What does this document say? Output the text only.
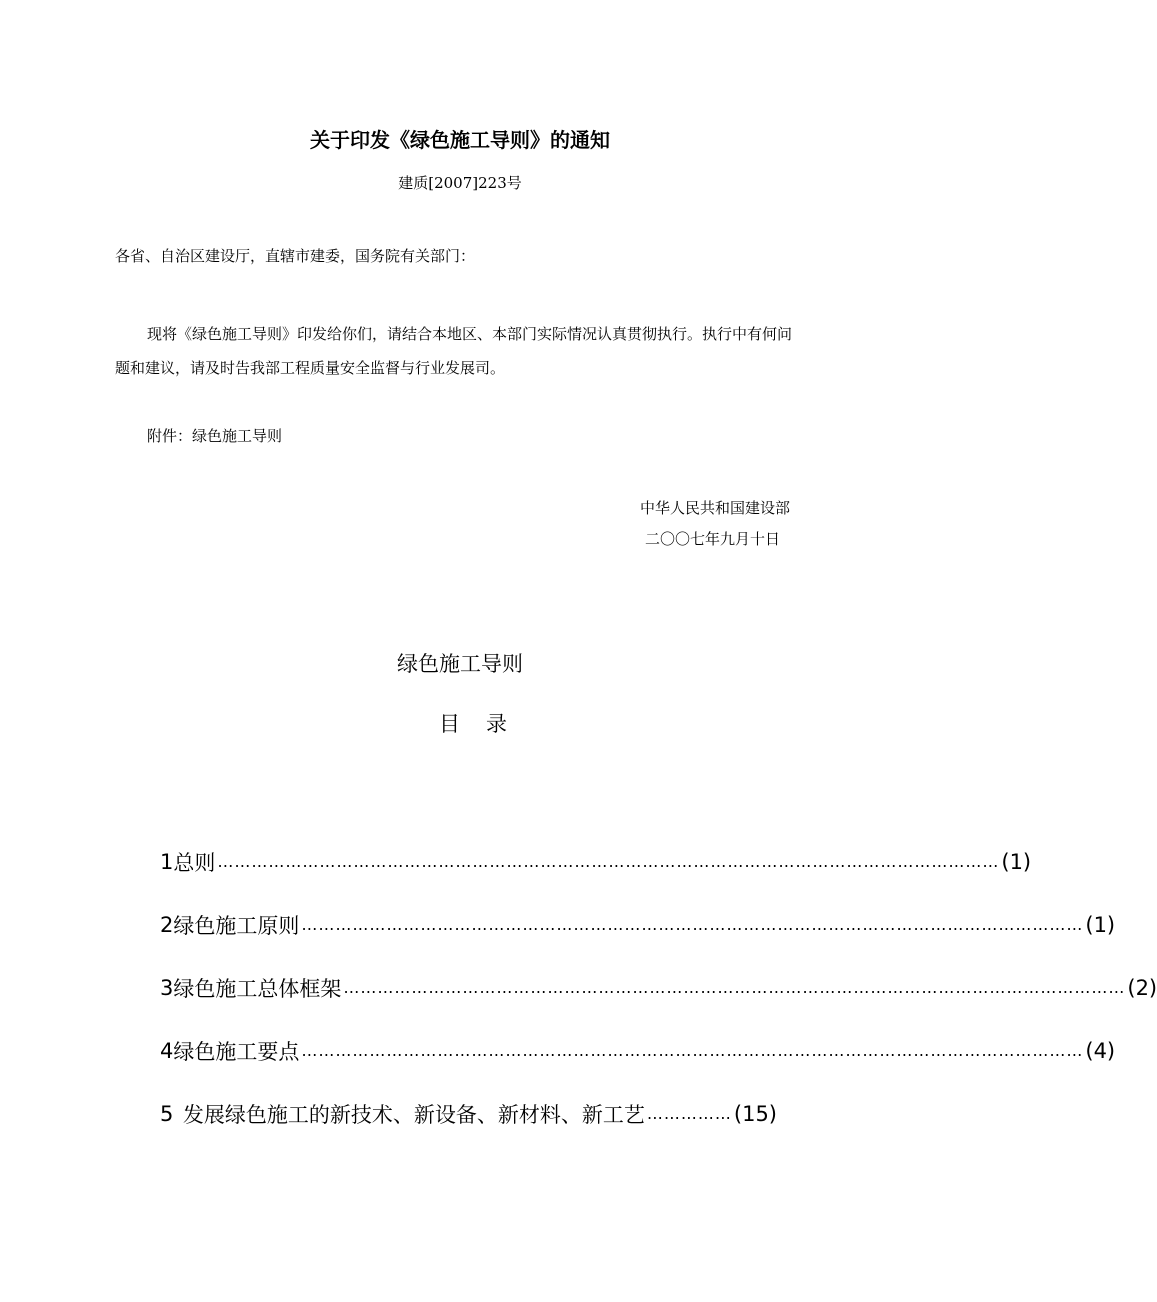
关于印发《绿色施工导则》的通知
建质[2007]223号
各省、自治区建设厅，直辖市建委，国务院有关部门：
现将《绿色施工导则》印发给你们，请结合本地区、本部门实际情况认真贯彻执行。执行中有何问题和建议，请及时告我部工程质量安全监督与行业发展司。
附件：绿色施工导则
中华人民共和国建设部
二〇〇七年九月十日
绿色施工导则
目录
1 总则 ………………………………………………………………………………………………………………………… (1)
2 绿色施工原则 ………………………………………………………………………………………………………………………… (1)
3 绿色施工总体框架 ………………………………………………………………………………………………………………………… (2)
4 绿色施工要点 ………………………………………………………………………………………………………………………… (4)
5 发展绿色施工的新技术、新设备、新材料、新工艺 …………… (15)
